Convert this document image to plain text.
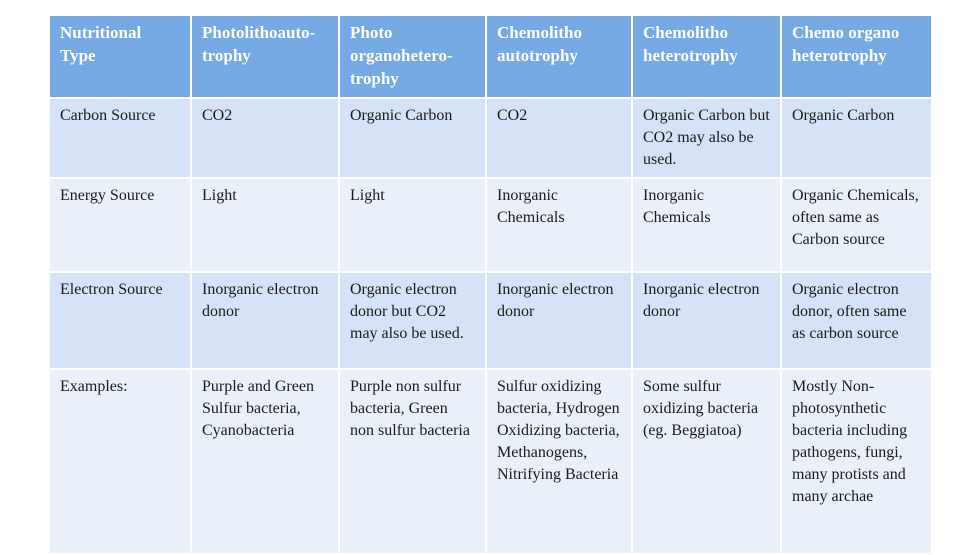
Nutritional Type	Photolithoauto-trophy	Photo organohetero-trophy	Chemolitho autotrophy	Chemolitho heterotrophy	Chemo organo heterotrophy
Carbon Source	CO2	Organic Carbon	CO2	Organic Carbon but CO2 may also be used.	Organic Carbon
Energy Source	Light	Light	Inorganic Chemicals	Inorganic Chemicals	Organic Chemicals, often same as Carbon source
Electron Source	Inorganic electron donor	Organic electron donor but CO2 may also be used.	Inorganic electron donor	Inorganic electron donor	Organic electron donor, often same as carbon source
Examples:	Purple and Green Sulfur bacteria, Cyanobacteria	Purple non sulfur bacteria, Green non sulfur bacteria	Sulfur oxidizing bacteria, Hydrogen Oxidizing bacteria, Methanogens, Nitrifying Bacteria	Some sulfur oxidizing bacteria (eg. Beggiatoa)	Mostly Non-photosynthetic bacteria including pathogens, fungi, many protists and many archae
